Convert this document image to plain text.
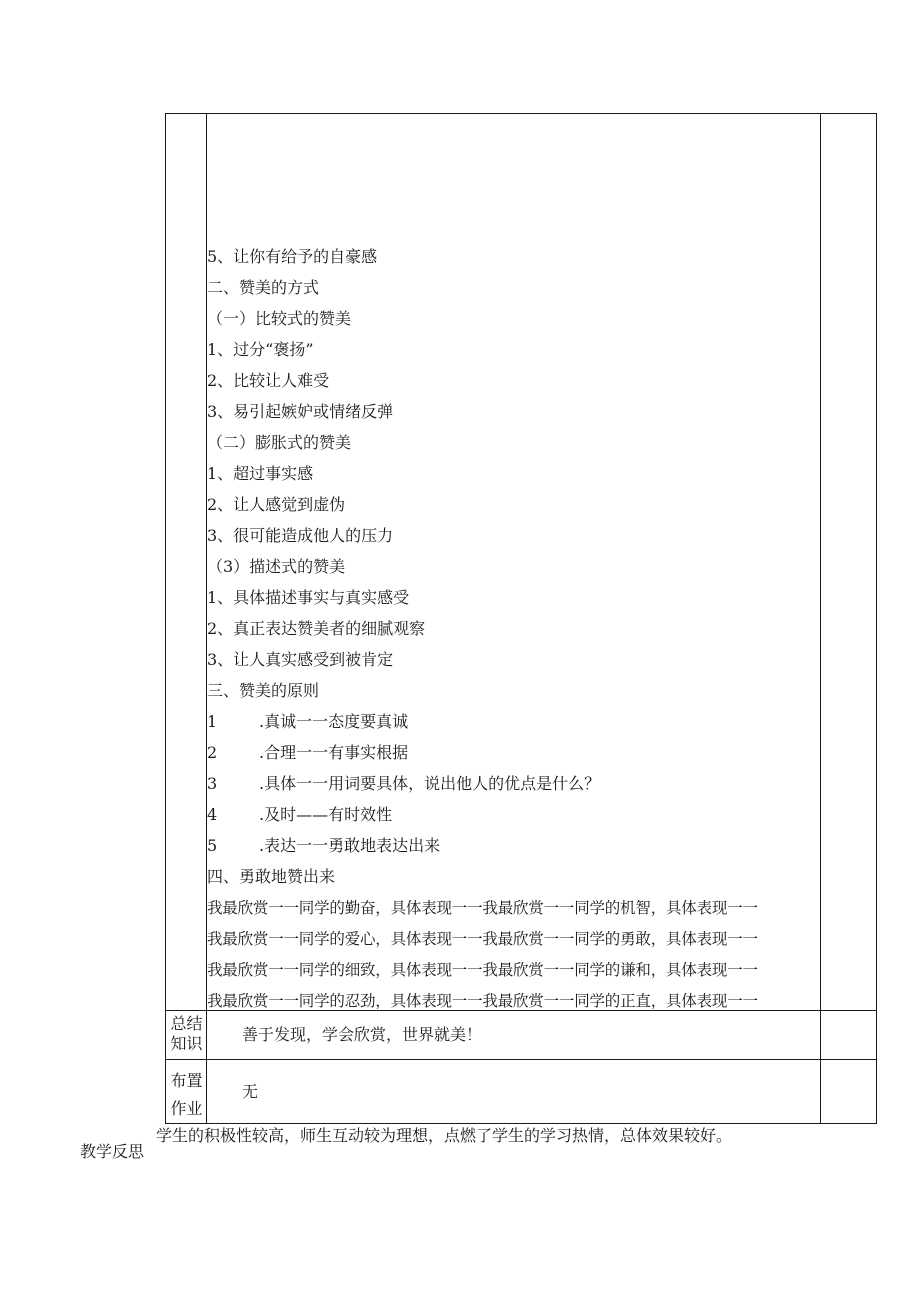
5、让你有给予的自豪感
二、赞美的方式
（一）比较式的赞美
1、过分“褒扬”
2、比较让人难受
3、易引起嫉妒或情绪反弹
（二）膨胀式的赞美
1、超过事实感
2、让人感觉到虚伪
3、很可能造成他人的压力
（3）描述式的赞美
1、具体描述事实与真实感受
2、真正表达赞美者的细腻观察
3、让人真实感受到被肯定
三、赞美的原则
1	.真诚一一态度要真诚
2	.合理一一有事实根据
3	.具体一一用词要具体，说出他人的优点是什么？
4	.及时——有时效性
5	.表达一一勇敢地表达出来
四、勇敢地赞出来
我最欣赏一一同学的勤奋，具体表现一一我最欣赏一一同学的机智，具体表现一一
我最欣赏一一同学的爱心，具体表现一一我最欣赏一一同学的勇敢，具体表现一一
我最欣赏一一同学的细致，具体表现一一我最欣赏一一同学的谦和，具体表现一一
我最欣赏一一同学的忍劲，具体表现一一我最欣赏一一同学的正直，具体表现一一
总结
知识 善于发现，学会欣赏，世界就美！
布置
作业
无
学生的积极性较高，师生互动较为理想，点燃了学生的学习热情，总体效果较好。
教学反思
